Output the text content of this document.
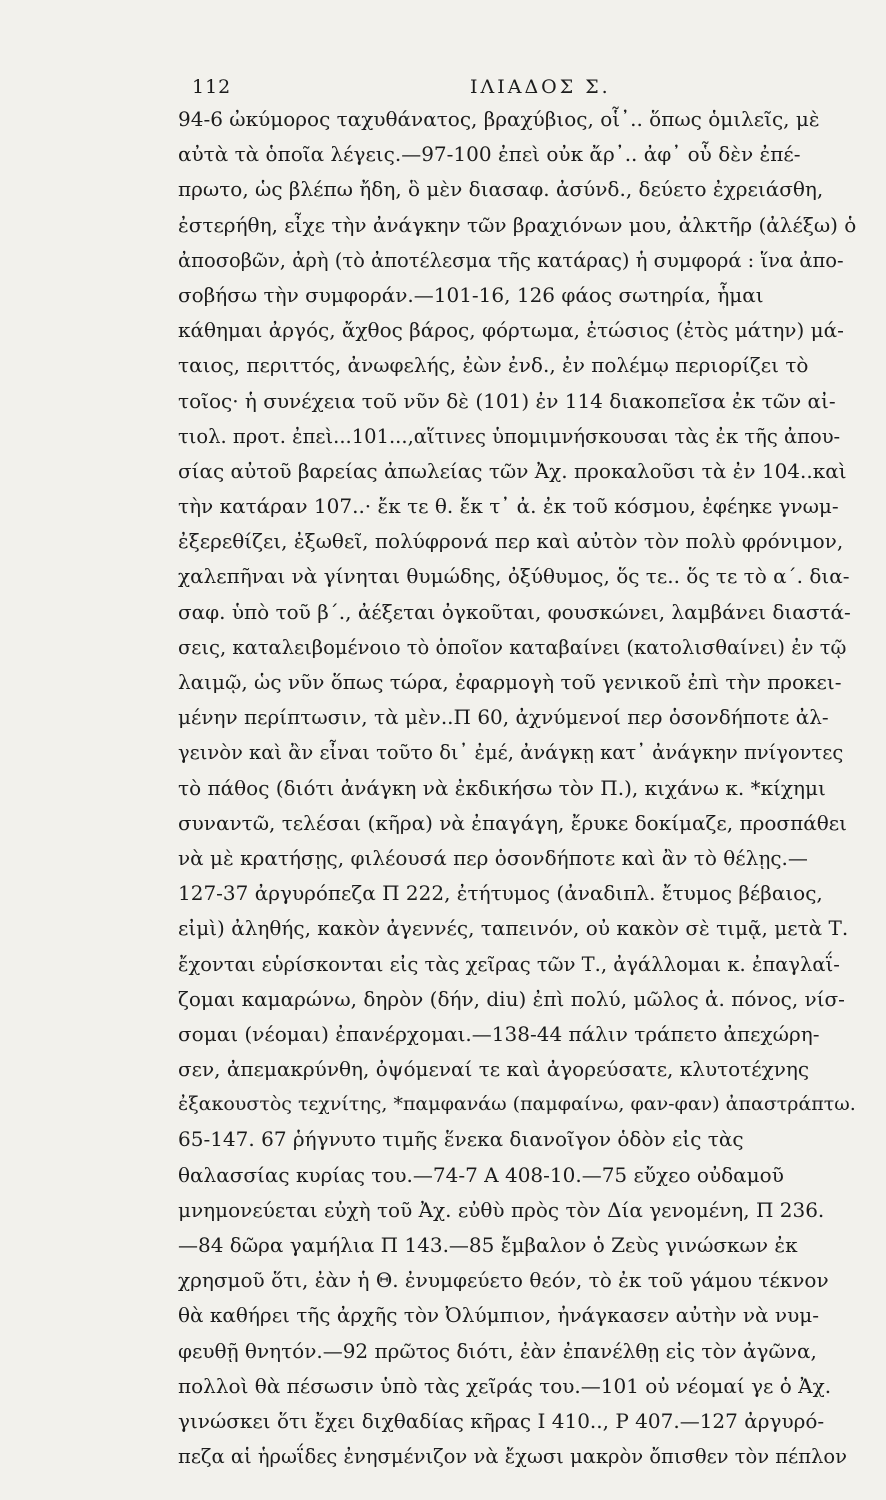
112	ΙΛΙΑΔΟΣ Σ.
94-6 ὠκύμορος ταχυθάνατος, βραχύβιος, οἷ᾽.. ὅπως ὁμιλεῖς, μὲ
αὐτὰ τὰ ὁποῖα λέγεις.—97-100 ἐπεὶ οὐκ ἄρ᾽.. ἀφ᾽ οὗ δὲν ἐπέ-
πρωτο, ὡς βλέπω ἤδη, ὃ μὲν διασαφ. ἀσύνδ., δεύετο ἐχρειάσθη,
ἐστερήθη, εἶχε τὴν ἀνάγκην τῶν βραχιόνων μου, ἀλκτῆρ (ἀλέξω) ὁ
ἀποσοβῶν, ἀρὴ (τὸ ἀποτέλεσμα τῆς κατάρας) ἡ συμφορά : ἵνα ἀπο-
σοβήσω τὴν συμφοράν.—101-16, 126 φάος σωτηρία, ἧμαι
κάθημαι ἀργός, ἄχθος βάρος, φόρτωμα, ἐτώσιος (ἐτὸς μάτην) μά-
ταιος, περιττός, ἀνωφελής, ἐὼν ἐνδ., ἐν πολέμῳ περιορίζει τὸ
τοῖος· ἡ συνέχεια τοῦ νῦν δὲ (101) ἐν 114 διακοπεῖσα ἐκ τῶν αἰ-
τιολ. προτ. ἐπεὶ...101...,αἵτινες ὑπομιμνήσκουσαι τὰς ἐκ τῆς ἀπου-
σίας αὐτοῦ βαρείας ἀπωλείας τῶν Ἀχ. προκαλοῦσι τὰ ἐν 104..καὶ
τὴν κατάραν 107..· ἔκ τε θ. ἔκ τ᾽ ἀ. ἐκ τοῦ κόσμου, ἐφέηκε γνωμ-
ἐξερεθίζει, ἐξωθεῖ, πολύφρονά περ καὶ αὐτὸν τὸν πολὺ φρόνιμον,
χαλεπῆναι νὰ γίνηται θυμώδης, ὀξύθυμος, ὅς τε.. ὅς τε τὸ α΄. δια-
σαφ. ὑπὸ τοῦ β΄., ἀέξεται ὀγκοῦται, φουσκώνει, λαμβάνει διαστά-
σεις, καταλειβομένοιο τὸ ὁποῖον καταβαίνει (κατολισθαίνει) ἐν τῷ
λαιμῷ, ὡς νῦν ὅπως τώρα, ἐφαρμογὴ τοῦ γενικοῦ ἐπὶ τὴν προκει-
μένην περίπτωσιν, τὰ μὲν..Π 60, ἀχνύμενοί περ ὁσονδήποτε ἀλ-
γεινὸν καὶ ἂν εἶναι τοῦτο δι᾽ ἐμέ, ἀνάγκῃ κατ᾽ ἀνάγκην πνίγοντες
τὸ πάθος (διότι ἀνάγκη νὰ ἐκδικήσω τὸν Π.), κιχάνω κ. *κίχημι
συναντῶ, τελέσαι (κῆρα) νὰ ἐπαγάγη, ἔρυκε δοκίμαζε, προσπάθει
νὰ μὲ κρατήσῃς, φιλέουσά περ ὁσονδήποτε καὶ ἂν τὸ θέλῃς.—
127-37 ἀργυρόπεζα Π 222, ἐτήτυμος (ἀναδιπλ. ἔτυμος βέβαιος,
εἰμὶ) ἀληθής, κακὸν ἀγεννές, ταπεινόν, οὐ κακὸν σὲ τιμᾷ, μετὰ Τ.
ἔχονται εὑρίσκονται εἰς τὰς χεῖρας τῶν Τ., ἀγάλλομαι κ. ἐπαγλαΐ-
ζομαι καμαρώνω, δηρὸν (δήν, diu) ἐπὶ πολύ, μῶλος ἀ. πόνος, νίσ-
σομαι (νέομαι) ἐπανέρχομαι.—138-44 πάλιν τράπετο ἀπεχώρη-
σεν, ἀπεμακρύνθη, ὀψόμεναί τε καὶ ἀγορεύσατε, κλυτοτέχνης
ἐξακουστὸς τεχνίτης, *παμφανάω (παμφαίνω, φαν-φαν) ἀπαστράπτω.
65-147. 67 ῥήγνυτο τιμῆς ἕνεκα διανοῖγον ὁδὸν εἰς τὰς
θαλασσίας κυρίας του.—74-7 Α 408-10.—75 εὔχεο οὐδαμοῦ
μνημονεύεται εὐχὴ τοῦ Ἀχ. εὐθὺ πρὸς τὸν Δία γενομένη, Π 236.
—84 δῶρα γαμήλια Π 143.—85 ἔμβαλον ὁ Ζεὺς γινώσκων ἐκ
χρησμοῦ ὅτι, ἐὰν ἡ Θ. ἐνυμφεύετο θεόν, τὸ ἐκ τοῦ γάμου τέκνον
θὰ καθήρει τῆς ἀρχῆς τὸν Ὀλύμπιον, ἠνάγκασεν αὐτὴν νὰ νυμ-
φευθῇ θνητόν.—92 πρῶτος διότι, ἐὰν ἐπανέλθῃ εἰς τὸν ἀγῶνα,
πολλοὶ θὰ πέσωσιν ὑπὸ τὰς χεῖράς του.—101 οὐ νέομαί γε ὁ Ἀχ.
γινώσκει ὅτι ἔχει διχθαδίας κῆρας Ι 410.., Ρ 407.—127 ἀργυρό-
πεζα αἱ ἡρωΐδες ἐνησμένιζον νὰ ἔχωσι μακρὸν ὄπισθεν τὸν πέπλον
